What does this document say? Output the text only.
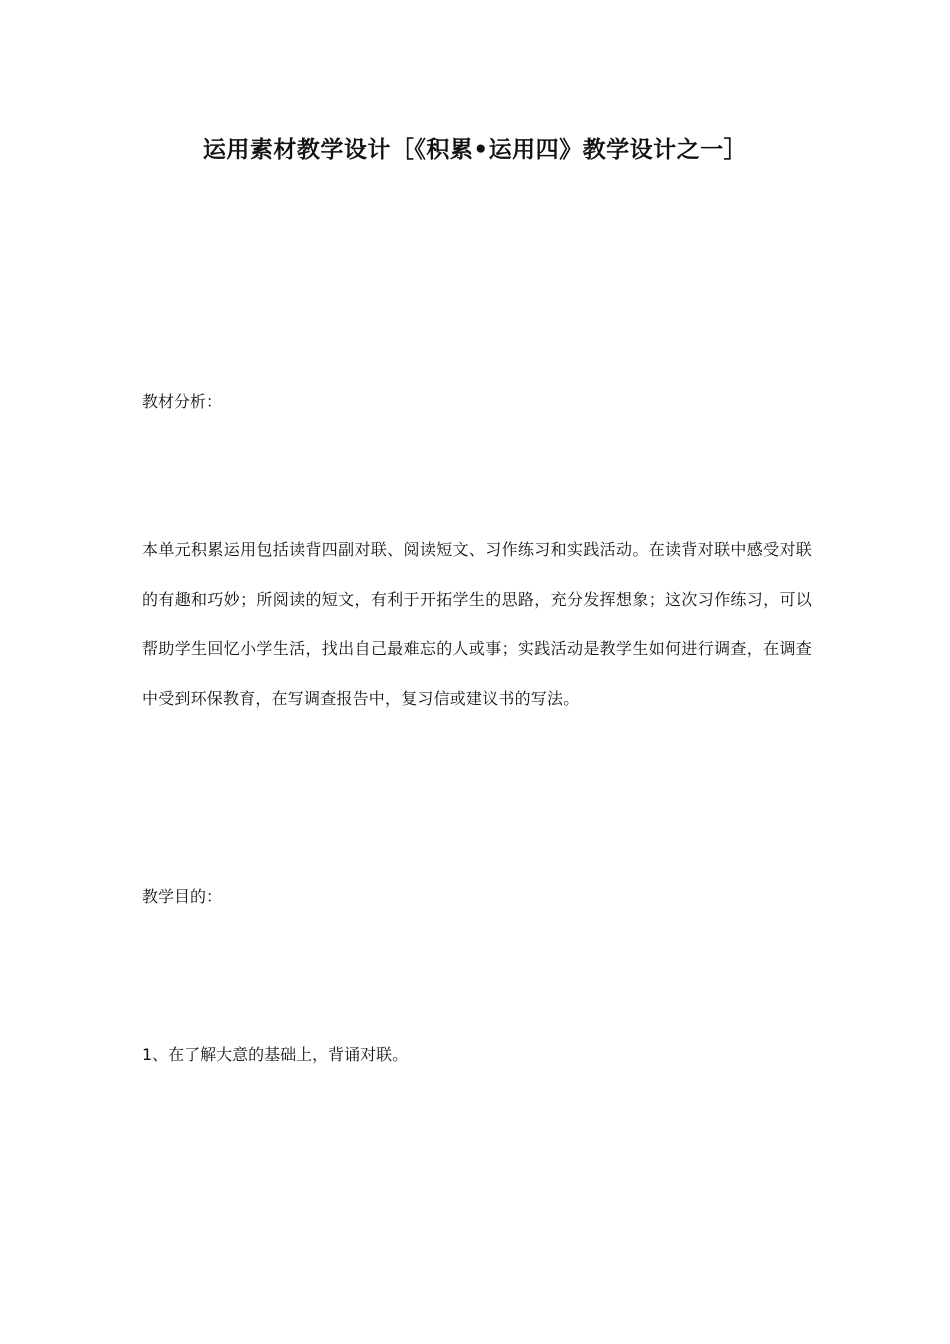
运用素材教学设计［《积累•运用四》教学设计之一］
教材分析：
本单元积累运用包括读背四副对联、阅读短文、习作练习和实践活动。在读背对联中感受对联的有趣和巧妙；所阅读的短文，有利于开拓学生的思路，充分发挥想象；这次习作练习，可以帮助学生回忆小学生活，找出自己最难忘的人或事；实践活动是教学生如何进行调查，在调查中受到环保教育，在写调查报告中，复习信或建议书的写法。
教学目的：
1、在了解大意的基础上，背诵对联。
